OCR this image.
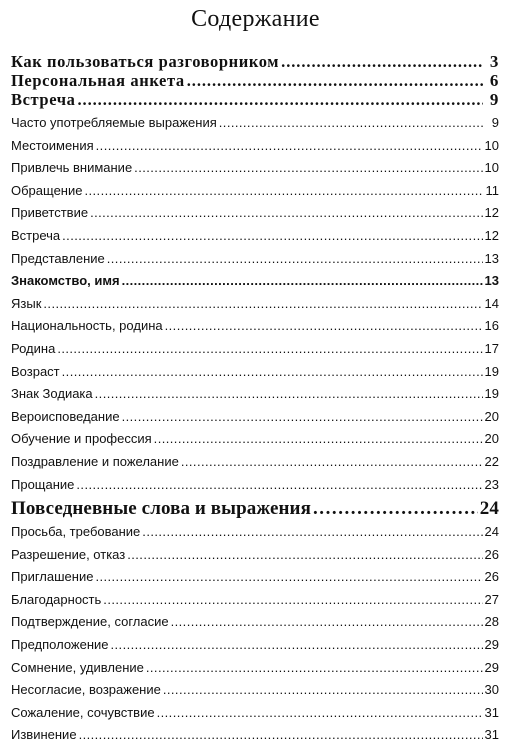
Содержание
Как пользоваться разговорником . . .	3
Персональная анкета . . .	6
Встреча . . .	9
Часто употребляемые выражения . . .	9
Местоимения . . .	10
Привлечь внимание . . .	10
Обращение . . .	11
Приветствие . . .	12
Встреча . . .	12
Представление . . .	13
Знакомство, имя . . .	13
Язык . . .	14
Национальность, родина . . .	16
Родина . . .	17
Возраст . . .	19
Знак Зодиака . . .	19
Вероисповедание . . .	20
Обучение и профессия . . .	20
Поздравление и пожелание . . .	22
Прощание . . .	23
Повседневные слова и выражения . . .	24
Просьба, требование . . .	24
Разрешение, отказ . . .	26
Приглашение . . .	26
Благодарность . . .	27
Подтверждение, согласие . . .	28
Предположение . . .	29
Сомнение, удивление . . .	29
Несогласие, возражение . . .	30
Сожаление, сочувствие . . .	31
Извинение . . .	31
